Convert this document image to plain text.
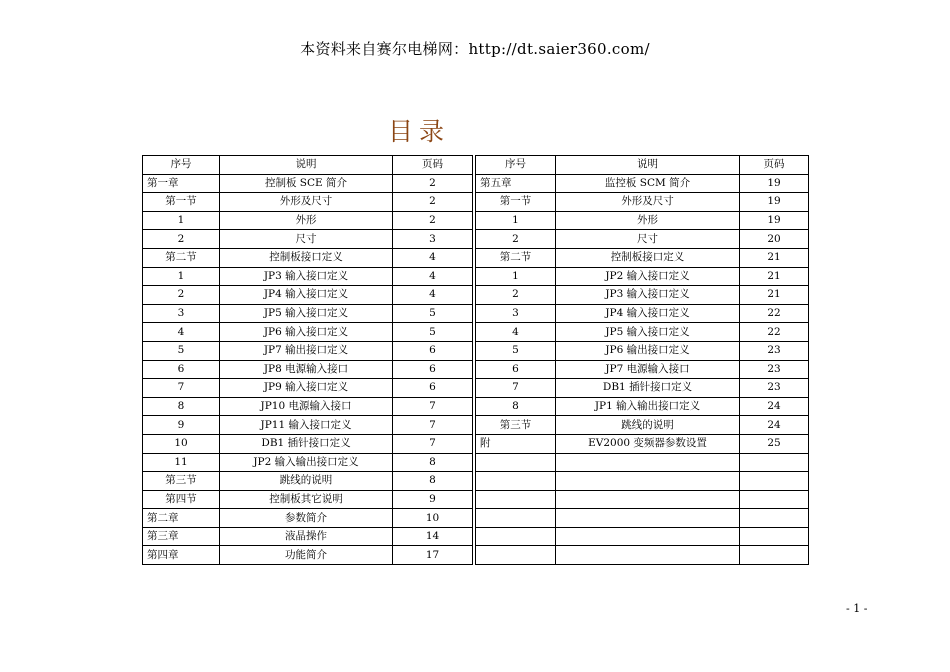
本资料来自赛尔电梯网：http://dt.saier360.com/
目录
序号	说明	页码		序号	说明	页码
第一章	控制板 SCE 简介	2		第五章	监控板 SCM 简介	19
第一节	外形及尺寸	2		第一节	外形及尺寸	19
1	外形	2		1	外形	19
2	尺寸	3		2	尺寸	20
第二节	控制板接口定义	4		第二节	控制板接口定义	21
1	JP3 输入接口定义	4		1	JP2 输入接口定义	21
2	JP4 输入接口定义	4		2	JP3 输入接口定义	21
3	JP5 输入接口定义	5		3	JP4 输入接口定义	22
4	JP6 输入接口定义	5		4	JP5 输入接口定义	22
5	JP7 输出接口定义	6		5	JP6 输出接口定义	23
6	JP8 电源输入接口	6		6	JP7 电源输入接口	23
7	JP9 输入接口定义	6		7	DB1 插针接口定义	23
8	JP10 电源输入接口	7		8	JP1 输入输出接口定义	24
9	JP11 输入接口定义	7		第三节	跳线的说明	24
10	DB1 插针接口定义	7		附	EV2000 变频器参数设置	25
11	JP2 输入输出接口定义	8				
第三节	跳线的说明	8				
第四节	控制板其它说明	9				
第二章	参数简介	10				
第三章	液晶操作	14				
第四章	功能简介	17				
- 1 -
